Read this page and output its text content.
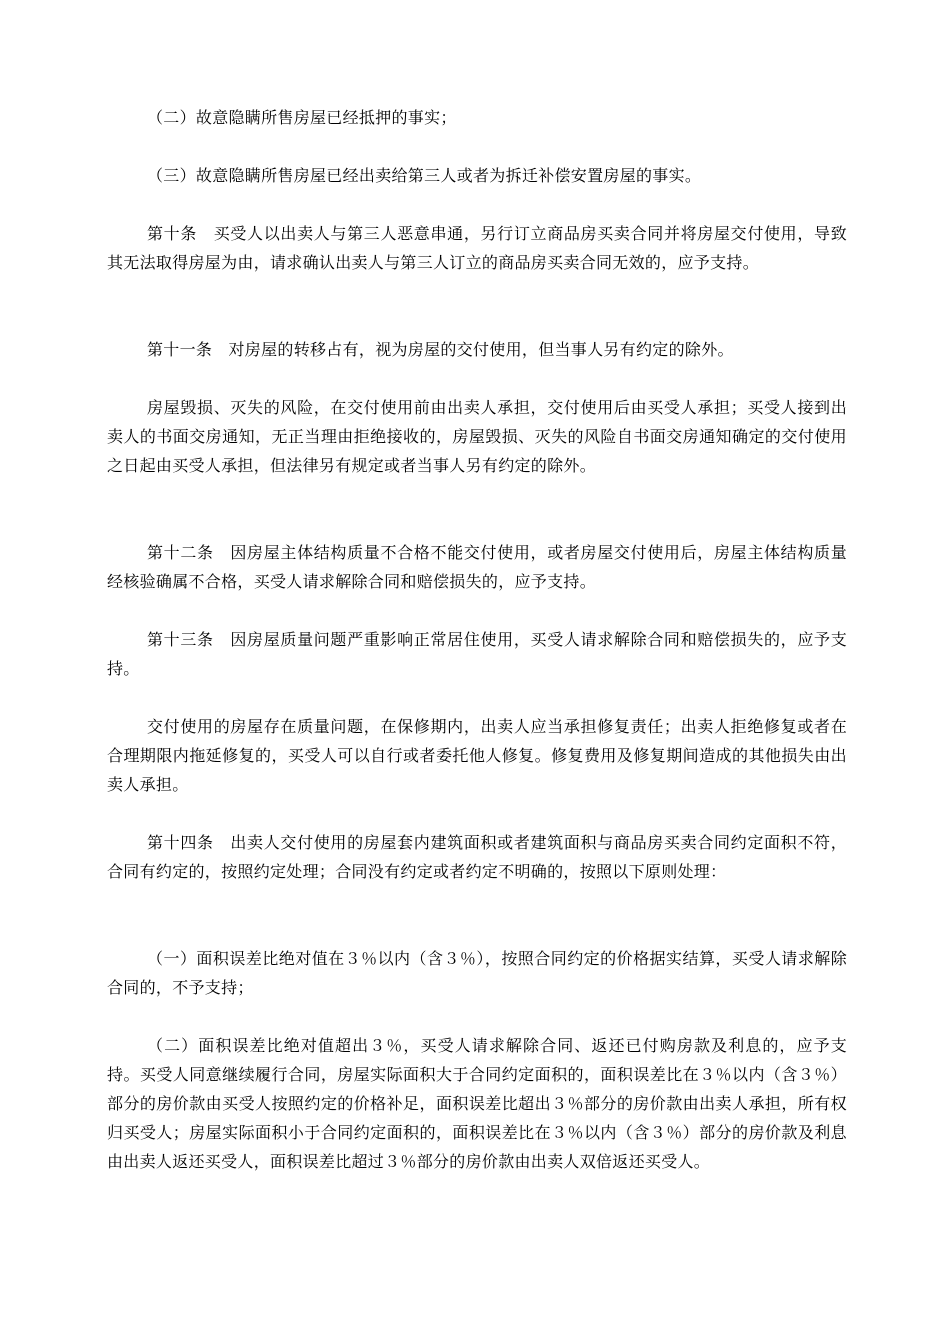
（二）故意隐瞒所售房屋已经抵押的事实；

（三）故意隐瞒所售房屋已经出卖给第三人或者为拆迁补偿安置房屋的事实。

第十条　买受人以出卖人与第三人恶意串通，另行订立商品房买卖合同并将房屋交付使用，导致其无法取得房屋为由，请求确认出卖人与第三人订立的商品房买卖合同无效的，应予支持。

第十一条　对房屋的转移占有，视为房屋的交付使用，但当事人另有约定的除外。

房屋毁损、灭失的风险，在交付使用前由出卖人承担，交付使用后由买受人承担；买受人接到出卖人的书面交房通知，无正当理由拒绝接收的，房屋毁损、灭失的风险自书面交房通知确定的交付使用之日起由买受人承担，但法律另有规定或者当事人另有约定的除外。

第十二条　因房屋主体结构质量不合格不能交付使用，或者房屋交付使用后，房屋主体结构质量经核验确属不合格，买受人请求解除合同和赔偿损失的，应予支持。

第十三条　因房屋质量问题严重影响正常居住使用，买受人请求解除合同和赔偿损失的，应予支持。

交付使用的房屋存在质量问题，在保修期内，出卖人应当承担修复责任；出卖人拒绝修复或者在合理期限内拖延修复的，买受人可以自行或者委托他人修复。修复费用及修复期间造成的其他损失由出卖人承担。

第十四条　出卖人交付使用的房屋套内建筑面积或者建筑面积与商品房买卖合同约定面积不符，合同有约定的，按照约定处理；合同没有约定或者约定不明确的，按照以下原则处理：

（一）面积误差比绝对值在３％以内（含３％），按照合同约定的价格据实结算，买受人请求解除合同的，不予支持；

（二）面积误差比绝对值超出３％，买受人请求解除合同、返还已付购房款及利息的，应予支持。买受人同意继续履行合同，房屋实际面积大于合同约定面积的，面积误差比在３％以内（含３％）部分的房价款由买受人按照约定的价格补足，面积误差比超出３％部分的房价款由出卖人承担，所有权归买受人；房屋实际面积小于合同约定面积的，面积误差比在３％以内（含３％）部分的房价款及利息由出卖人返还买受人，面积误差比超过３％部分的房价款由出卖人双倍返还买受人。
